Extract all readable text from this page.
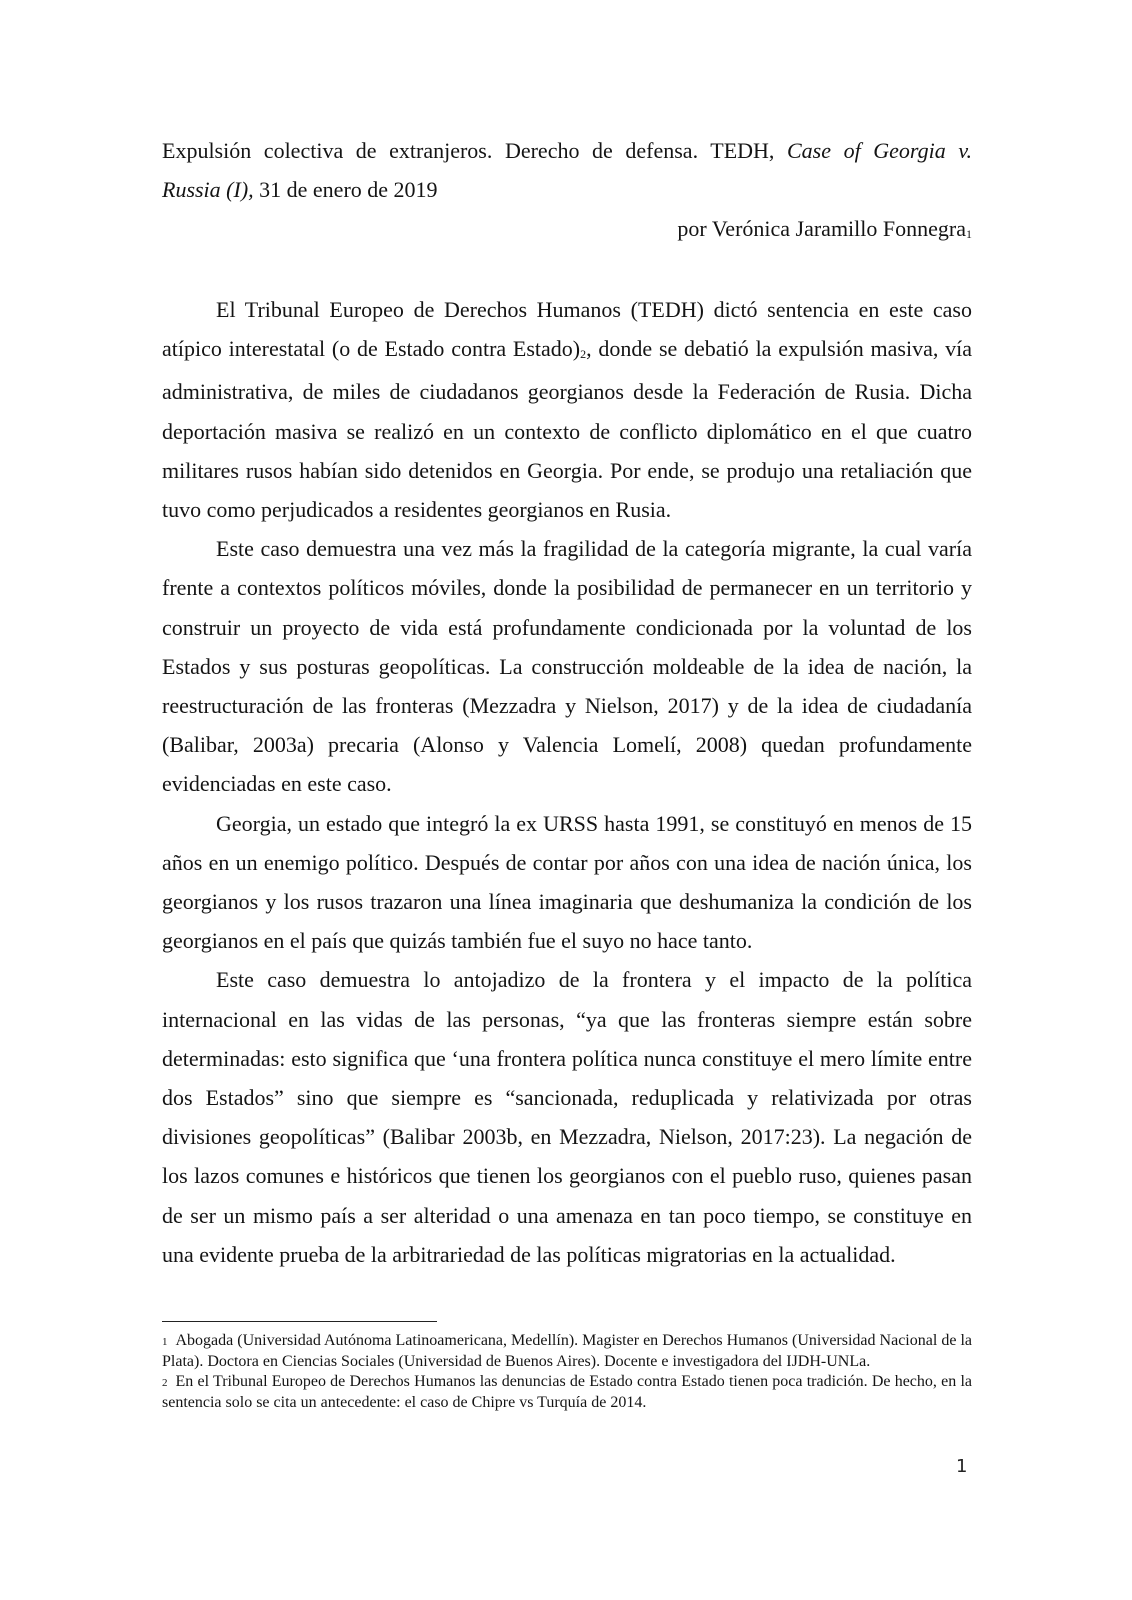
Expulsión colectiva de extranjeros. Derecho de defensa. TEDH, Case of Georgia v.
Russia (I), 31 de enero de 2019
por Verónica Jaramillo Fonnegra1

El Tribunal Europeo de Derechos Humanos (TEDH) dictó sentencia en este caso atípico interestatal (o de Estado contra Estado)2, donde se debatió la expulsión masiva, vía administrativa, de miles de ciudadanos georgianos desde la Federación de Rusia. Dicha deportación masiva se realizó en un contexto de conflicto diplomático en el que cuatro militares rusos habían sido detenidos en Georgia. Por ende, se produjo una retaliación que tuvo como perjudicados a residentes georgianos en Rusia.

Este caso demuestra una vez más la fragilidad de la categoría migrante, la cual varía frente a contextos políticos móviles, donde la posibilidad de permanecer en un territorio y construir un proyecto de vida está profundamente condicionada por la voluntad de los Estados y sus posturas geopolíticas. La construcción moldeable de la idea de nación, la reestructuración de las fronteras (Mezzadra y Nielson, 2017) y de la idea de ciudadanía (Balibar, 2003a) precaria (Alonso y Valencia Lomelí, 2008) quedan profundamente evidenciadas en este caso.

Georgia, un estado que integró la ex URSS hasta 1991, se constituyó en menos de 15 años en un enemigo político. Después de contar por años con una idea de nación única, los georgianos y los rusos trazaron una línea imaginaria que deshumaniza la condición de los georgianos en el país que quizás también fue el suyo no hace tanto.

Este caso demuestra lo antojadizo de la frontera y el impacto de la política internacional en las vidas de las personas, “ya que las fronteras siempre están sobre determinadas: esto significa que ‘una frontera política nunca constituye el mero límite entre dos Estados” sino que siempre es “sancionada, reduplicada y relativizada por otras divisiones geopolíticas” (Balibar 2003b, en Mezzadra, Nielson, 2017:23). La negación de los lazos comunes e históricos que tienen los georgianos con el pueblo ruso, quienes pasan de ser un mismo país a ser alteridad o una amenaza en tan poco tiempo, se constituye en una evidente prueba de la arbitrariedad de las políticas migratorias en la actualidad.

1 Abogada (Universidad Autónoma Latinoamericana, Medellín). Magister en Derechos Humanos (Universidad Nacional de la Plata). Doctora en Ciencias Sociales (Universidad de Buenos Aires). Docente e investigadora del IJDH-UNLa.

2 En el Tribunal Europeo de Derechos Humanos las denuncias de Estado contra Estado tienen poca tradición. De hecho, en la sentencia solo se cita un antecedente: el caso de Chipre vs Turquía de 2014.

1
